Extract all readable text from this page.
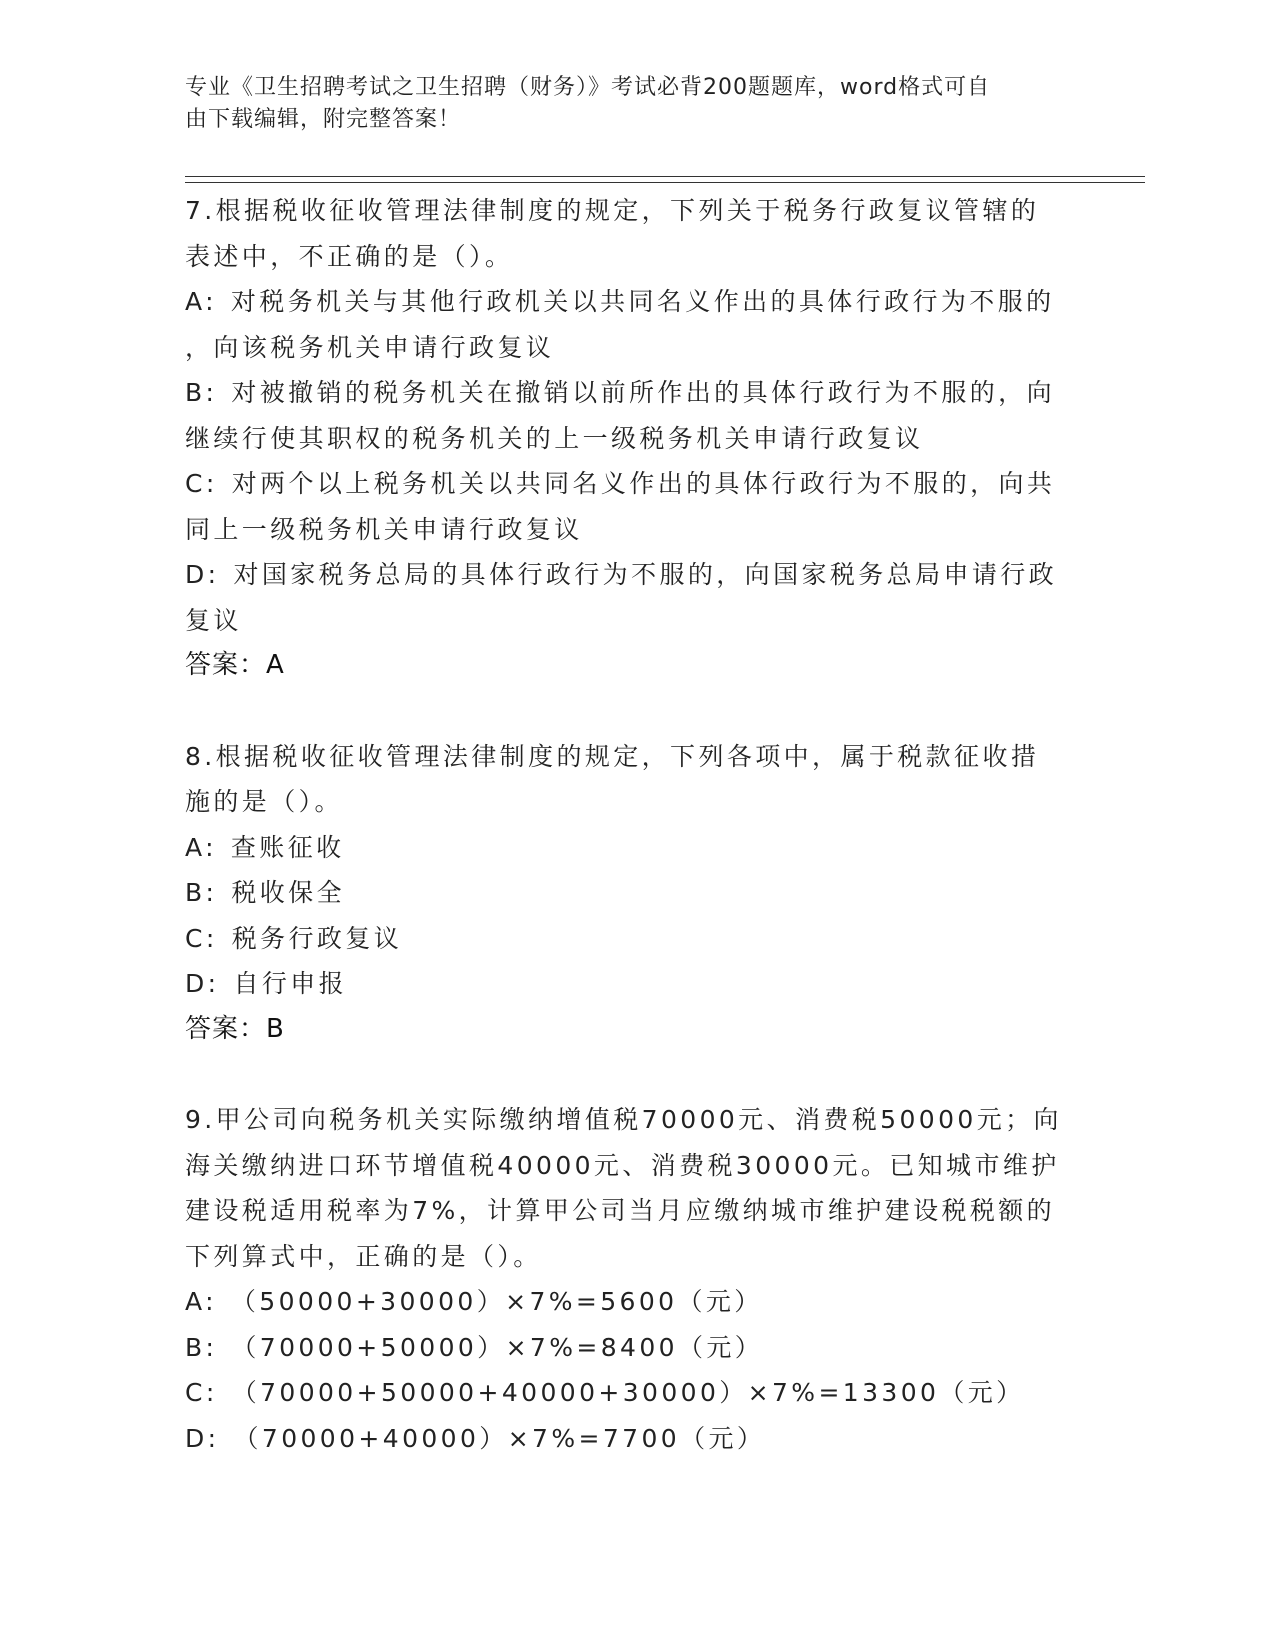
专业《卫生招聘考试之卫生招聘（财务）》考试必背200题题库，word格式可自
由下载编辑，附完整答案！
7.根据税收征收管理法律制度的规定，下列关于税务行政复议管辖的
表述中，不正确的是（）。
A: 对税务机关与其他行政机关以共同名义作出的具体行政行为不服的
，向该税务机关申请行政复议
B: 对被撤销的税务机关在撤销以前所作出的具体行政行为不服的，向
继续行使其职权的税务机关的上一级税务机关申请行政复议
C: 对两个以上税务机关以共同名义作出的具体行政行为不服的，向共
同上一级税务机关申请行政复议
D: 对国家税务总局的具体行政行为不服的，向国家税务总局申请行政
复议
答案：A
8.根据税收征收管理法律制度的规定，下列各项中，属于税款征收措
施的是（）。
A: 查账征收
B: 税收保全
C: 税务行政复议
D: 自行申报
答案：B
9.甲公司向税务机关实际缴纳增值税70000元、消费税50000元；向
海关缴纳进口环节增值税40000元、消费税30000元。已知城市维护
建设税适用税率为7%，计算甲公司当月应缴纳城市维护建设税税额的
下列算式中，正确的是（）。
A: （50000+30000）×7%=5600（元）
B: （70000+50000）×7%=8400（元）
C: （70000+50000+40000+30000）×7%=13300（元）
D: （70000+40000）×7%=7700（元）
